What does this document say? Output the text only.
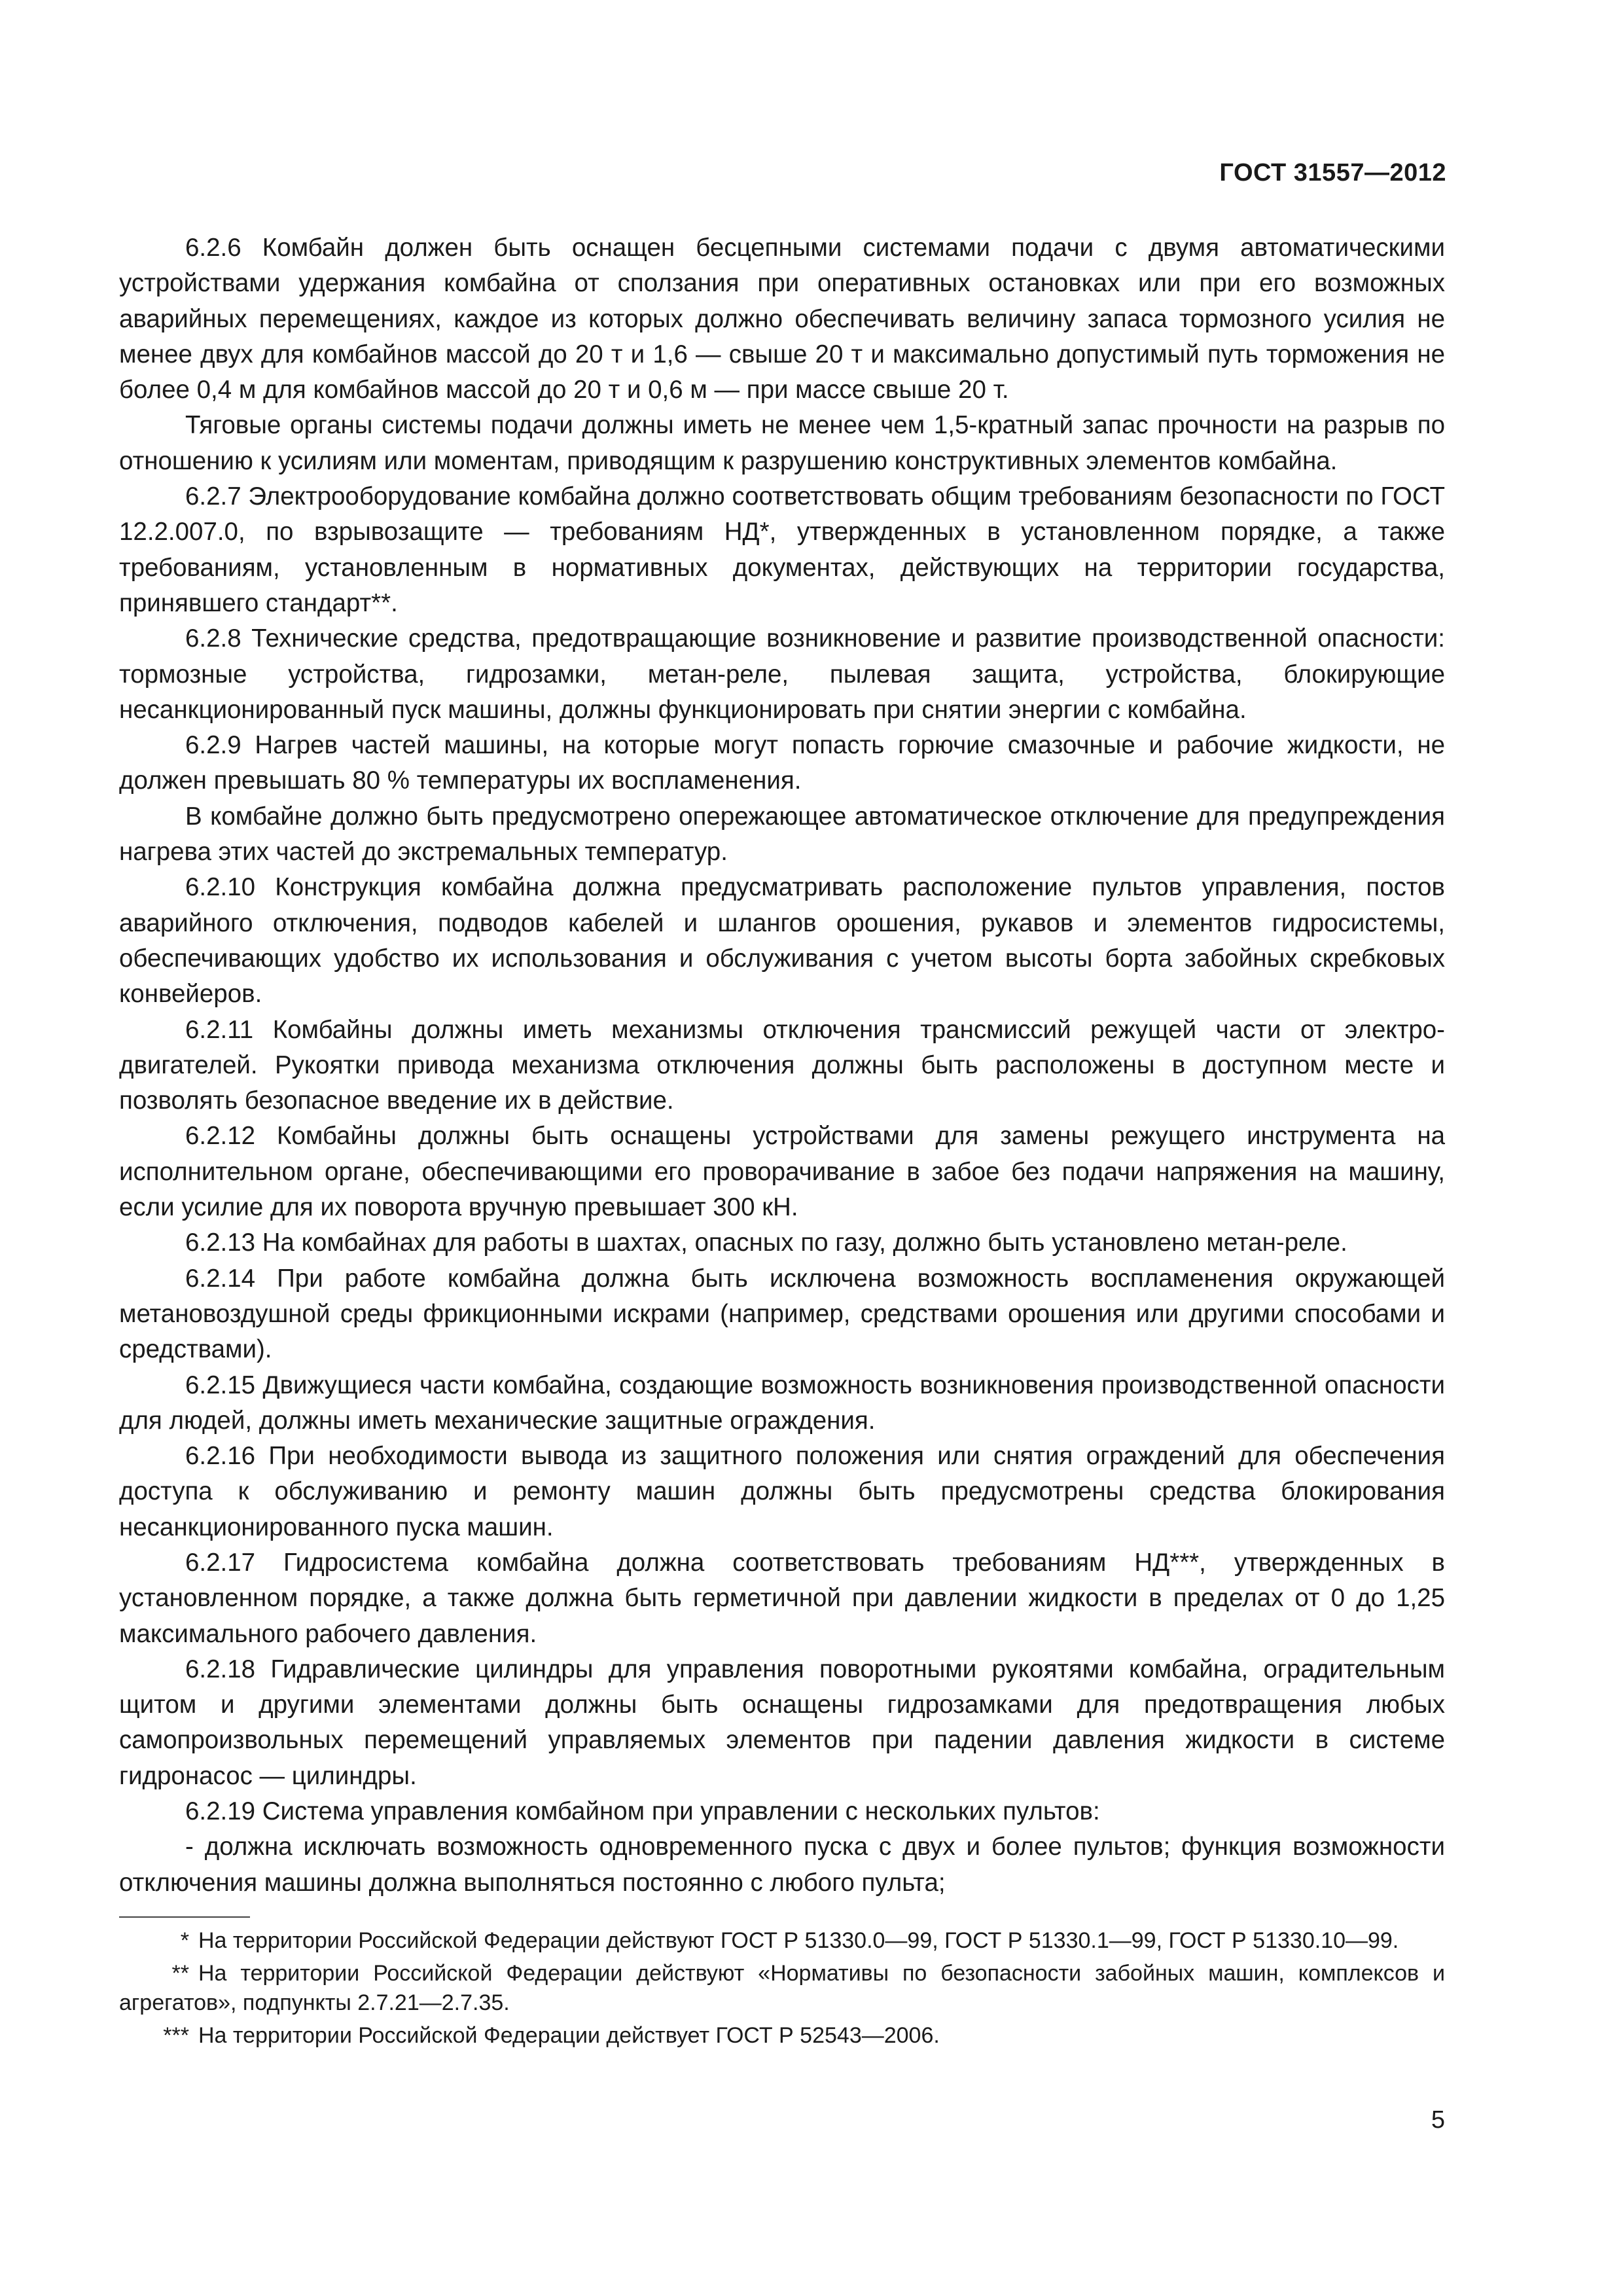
ГОСТ 31557—2012

6.2.6 Комбайн должен быть оснащен бесцепными системами подачи с двумя автоматическими устройствами удержания комбайна от сползания при оперативных остановках или при его возможных аварийных перемещениях, каждое из которых должно обеспечивать величину запаса тормозного усилия не менее двух для комбайнов массой до 20 т и 1,6 — свыше 20 т и максимально допустимый путь торможения не более 0,4 м для комбайнов массой до 20 т и 0,6 м — при массе свыше 20 т.

Тяговые органы системы подачи должны иметь не менее чем 1,5-кратный запас прочности на разрыв по отношению к усилиям или моментам, приводящим к разрушению конструктивных элементов комбайна.

6.2.7 Электрооборудование комбайна должно соответствовать общим требованиям безопасности по ГОСТ 12.2.007.0, по взрывозащите — требованиям НД*, утвержденных в установленном порядке, а также требованиям, установленным в нормативных документах, действующих на территории государства, принявшего стандарт**.

6.2.8 Технические средства, предотвращающие возникновение и развитие производственной опасности: тормозные устройства, гидрозамки, метан-реле, пылевая защита, устройства, блокирующие несанкционированный пуск машины, должны функционировать при снятии энергии с комбайна.

6.2.9 Нагрев частей машины, на которые могут попасть горючие смазочные и рабочие жидкости, не должен превышать 80 % температуры их воспламенения.

В комбайне должно быть предусмотрено опережающее автоматическое отключение для предупреждения нагрева этих частей до экстремальных температур.

6.2.10 Конструкция комбайна должна предусматривать расположение пультов управления, постов аварийного отключения, подводов кабелей и шлангов орошения, рукавов и элементов гидросистемы, обеспечивающих удобство их использования и обслуживания с учетом высоты борта забойных скребковых конвейеров.

6.2.11 Комбайны должны иметь механизмы отключения трансмиссий режущей части от электродвигателей. Рукоятки привода механизма отключения должны быть расположены в доступном месте и позволять безопасное введение их в действие.

6.2.12 Комбайны должны быть оснащены устройствами для замены режущего инструмента на исполнительном органе, обеспечивающими его проворачивание в забое без подачи напряжения на машину, если усилие для их поворота вручную превышает 300 кН.

6.2.13 На комбайнах для работы в шахтах, опасных по газу, должно быть установлено метан-реле.

6.2.14 При работе комбайна должна быть исключена возможность воспламенения окружающей метановоздушной среды фрикционными искрами (например, средствами орошения или другими способами и средствами).

6.2.15 Движущиеся части комбайна, создающие возможность возникновения производственной опасности для людей, должны иметь механические защитные ограждения.

6.2.16 При необходимости вывода из защитного положения или снятия ограждений для обеспечения доступа к обслуживанию и ремонту машин должны быть предусмотрены средства блокирования несанкционированного пуска машин.

6.2.17 Гидросистема комбайна должна соответствовать требованиям НД***, утвержденных в установленном порядке, а также должна быть герметичной при давлении жидкости в пределах от 0 до 1,25 максимального рабочего давления.

6.2.18 Гидравлические цилиндры для управления поворотными рукоятями комбайна, оградительным щитом и другими элементами должны быть оснащены гидрозамками для предотвращения любых самопроизвольных перемещений управляемых элементов при падении давления жидкости в системе гидронасос — цилиндры.

6.2.19 Система управления комбайном при управлении с нескольких пультов:

- должна исключать возможность одновременного пуска с двух и более пультов; функция возможности отключения машины должна выполняться постоянно с любого пульта;

* На территории Российской Федерации действуют ГОСТ Р 51330.0—99, ГОСТ Р 51330.1—99, ГОСТ Р 51330.10—99.

** На территории Российской Федерации действуют «Нормативы по безопасности забойных машин, комплексов и агрегатов», подпункты 2.7.21—2.7.35.

*** На территории Российской Федерации действует ГОСТ Р 52543—2006.

5
